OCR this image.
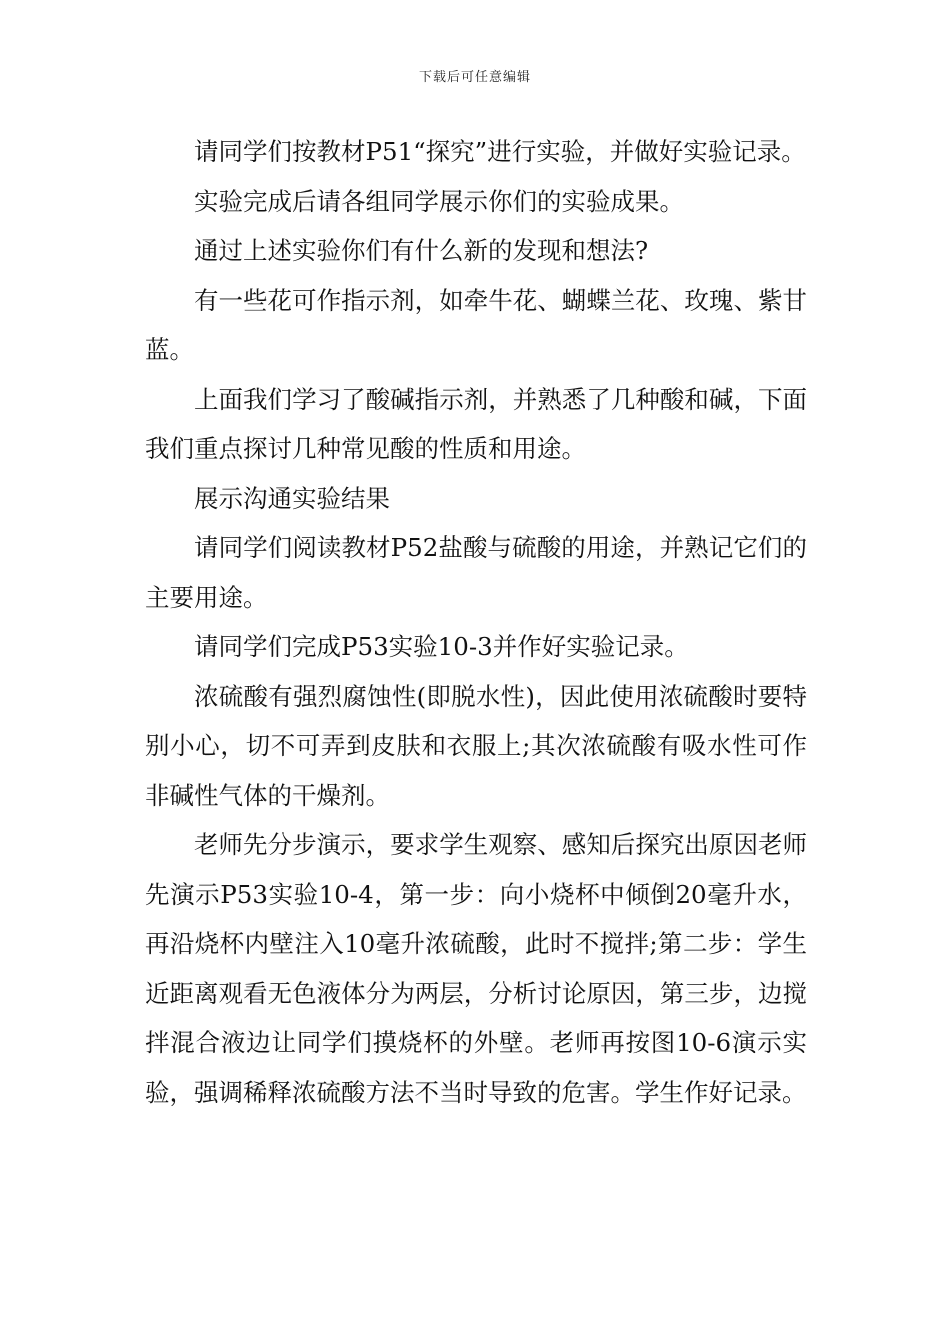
下载后可任意编辑

请同学们按教材P51“探究”进行实验，并做好实验记录。

实验完成后请各组同学展示你们的实验成果。

通过上述实验你们有什么新的发现和想法?

有一些花可作指示剂，如牵牛花、蝴蝶兰花、玫瑰、紫甘蓝。

上面我们学习了酸碱指示剂，并熟悉了几种酸和碱，下面我们重点探讨几种常见酸的性质和用途。

展示沟通实验结果

请同学们阅读教材P52盐酸与硫酸的用途，并熟记它们的主要用途。

请同学们完成P53实验10-3并作好实验记录。

浓硫酸有强烈腐蚀性(即脱水性)，因此使用浓硫酸时要特别小心，切不可弄到皮肤和衣服上;其次浓硫酸有吸水性可作非碱性气体的干燥剂。

老师先分步演示，要求学生观察、感知后探究出原因老师先演示P53实验10-4，第一步：向小烧杯中倾倒20毫升水，再沿烧杯内壁注入10毫升浓硫酸，此时不搅拌;第二步：学生近距离观看无色液体分为两层，分析讨论原因，第三步，边搅拌混合液边让同学们摸烧杯的外壁。老师再按图10-6演示实验，强调稀释浓硫酸方法不当时导致的危害。学生作好记录。
